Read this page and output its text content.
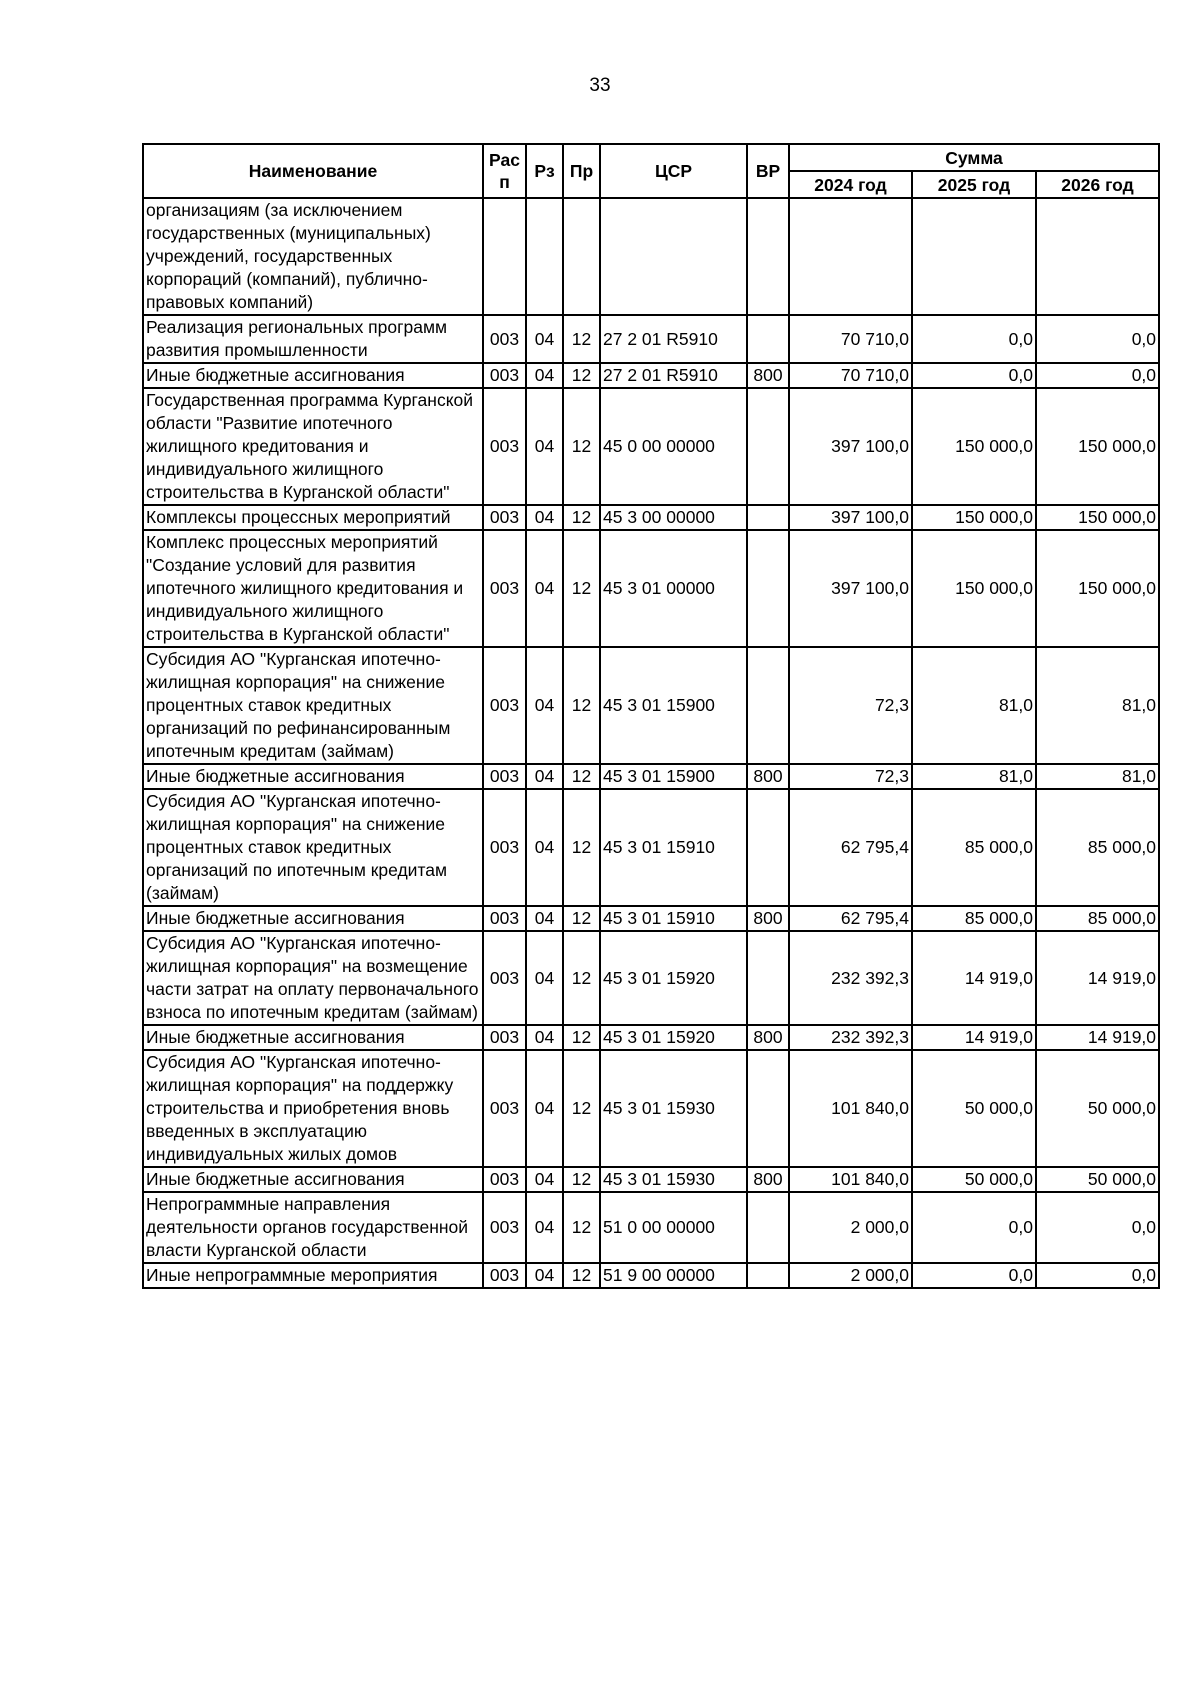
33
Наименование	Рас п	Рз	Пр	ЦСР	ВР	Сумма		
						2024 год	2025 год	2026 год
организациям (за исключением государственных (муниципальных) учреждений, государственных корпораций (компаний), публично-правовых компаний)								
Реализация региональных программ развития промышленности	003	04	12	27 2 01 R5910		70 710,0	0,0	0,0
Иные бюджетные ассигнования	003	04	12	27 2 01 R5910	800	70 710,0	0,0	0,0
Государственная программа Курганской области "Развитие ипотечного жилищного кредитования и индивидуального жилищного строительства в Курганской области"	003	04	12	45 0 00 00000		397 100,0	150 000,0	150 000,0
Комплексы процессных мероприятий	003	04	12	45 3 00 00000		397 100,0	150 000,0	150 000,0
Комплекс процессных мероприятий "Создание условий для развития ипотечного жилищного кредитования и индивидуального жилищного строительства в Курганской области"	003	04	12	45 3 01 00000		397 100,0	150 000,0	150 000,0
Субсидия АО "Курганская ипотечно-жилищная корпорация" на снижение процентных ставок кредитных организаций по рефинансированным ипотечным кредитам (займам)	003	04	12	45 3 01 15900		72,3	81,0	81,0
Иные бюджетные ассигнования	003	04	12	45 3 01 15900	800	72,3	81,0	81,0
Субсидия АО "Курганская ипотечно-жилищная корпорация" на снижение процентных ставок кредитных организаций по ипотечным кредитам (займам)	003	04	12	45 3 01 15910		62 795,4	85 000,0	85 000,0
Иные бюджетные ассигнования	003	04	12	45 3 01 15910	800	62 795,4	85 000,0	85 000,0
Субсидия АО "Курганская ипотечно-жилищная корпорация" на возмещение части затрат на оплату первоначального взноса по ипотечным кредитам (займам)	003	04	12	45 3 01 15920		232 392,3	14 919,0	14 919,0
Иные бюджетные ассигнования	003	04	12	45 3 01 15920	800	232 392,3	14 919,0	14 919,0
Субсидия АО "Курганская ипотечно-жилищная корпорация" на поддержку строительства и приобретения вновь введенных в эксплуатацию индивидуальных жилых домов	003	04	12	45 3 01 15930		101 840,0	50 000,0	50 000,0
Иные бюджетные ассигнования	003	04	12	45 3 01 15930	800	101 840,0	50 000,0	50 000,0
Непрограммные направления деятельности органов государственной власти Курганской области	003	04	12	51 0 00 00000		2 000,0	0,0	0,0
Иные непрограммные мероприятия	003	04	12	51 9 00 00000		2 000,0	0,0	0,0
